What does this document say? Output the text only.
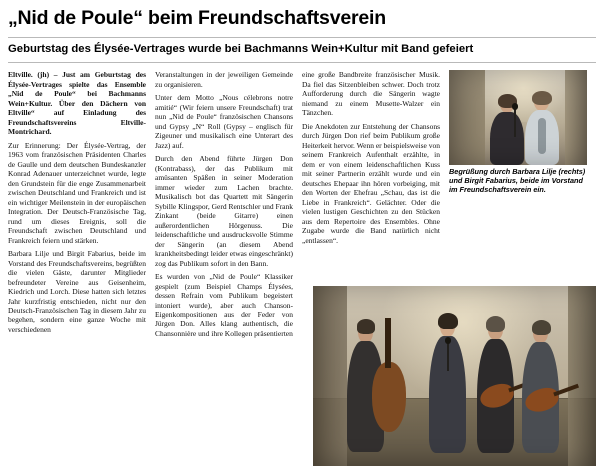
„Nid de Poule“ beim Freundschaftsverein
Geburtstag des Élysée-Vertrages wurde bei Bachmanns Wein+Kultur mit Band gefeiert

Eltville. (jh) – Just am Geburtstag des Élysée-Vertrages spielte das Ensemble „Nid de Poule“ bei Bachmanns Wein+Kultur. Über den Dächern von Eltville“ auf Einladung des Freundschaftsvereins Eltville-Montrichard.

Zur Erinnerung: Der Élysée-Vertrag, der 1963 vom französischen Präsidenten Charles de Gaulle und dem deutschen Bundeskanzler Konrad Adenauer unterzeichnet wurde, legte den Grundstein für die enge Zusammenarbeit zwischen Deutschland und Frankreich und ist ein wichtiger Meilenstein in der europäischen Integration. Der Deutsch-Französische Tag, rund um dieses Ereignis, soll die Freundschaft zwischen Deutschland und Frankreich feiern und stärken.

Barbara Lilje und Birgit Fabarius, beide im Vorstand des Freundschaftsvereins, begrüßten die vielen Gäste, darunter Mitglieder befreundeter Vereine aus Geisenheim, Kiedrich und Lorch. Diese hatten sich letztes Jahr kurzfristig entschieden, nicht nur den Deutsch-Französischen Tag in diesem Jahr zu begehen, sondern eine ganze Woche mit verschiedenen

Veranstaltungen in der jeweiligen Gemeinde zu organisieren.

Unter dem Motto „Nous célebrons notre amitié“ (Wir feiern unsere Freundschaft) trat nun „Nid de Poule“ französischen Chansons und Gypsy „N“ Roll (Gypsy – englisch für Zigeuner und musikalisch eine Unterart des Jazz) auf.

Durch den Abend führte Jürgen Don (Kontrabass), der das Publikum mit amüsanten Späßen in seiner Moderation immer wieder zum Lachen brachte. Musikalisch bot das Quartett mit Sängerin Sybille Klingspor, Gerd Rentschler und Frank Zinkant (beide Gitarre) einen außerordentlichen Hörgenuss. Die leidenschaftliche und ausdrucksvolle Stimme der Sängerin (an diesem Abend krankheitsbedingt leider etwas eingeschränkt) zog das Publikum sofort in den Bann.

Es wurden von „Nid de Poule“ Klassiker gespielt (zum Beispiel Champs Élysées, dessen Refrain vom Publikum begeistert intoniert wurde), aber auch Chanson-Eigenkompositionen aus der Feder von Jürgen Don. Alles klang authentisch, die Chansonnière und ihre Kollegen präsentierten

eine große Bandbreite französischer Musik. Da fiel das Sitzenbleiben schwer. Doch trotz Aufforderung durch die Sängerin wagte niemand zu einem Musette-Walzer ein Tänzchen.

Die Anekdoten zur Entstehung der Chansons durch Jürgen Don rief beim Publikum große Heiterkeit hervor. Wenn er beispielsweise von seinem Frankreich Aufenthalt erzählte, in dem er von einem leidenschaftlichen Kuss mit seiner Partnerin erzählt wurde und ein deutsches Ehepaar ihn hören vorbeiging, mit den Worten der Ehefrau „Schau, das ist die Liebe in Frankreich“. Gelächter. Oder die vielen lustigen Geschichten zu den Stücken aus dem Repertoire des Ensembles. Ohne Zugabe wurde die Band natürlich nicht „entlassen“.

Begrüßung durch Barbara Lilje (rechts) und Birgit Fabarius, beide im Vorstand im Freundschaftsverein ein.
